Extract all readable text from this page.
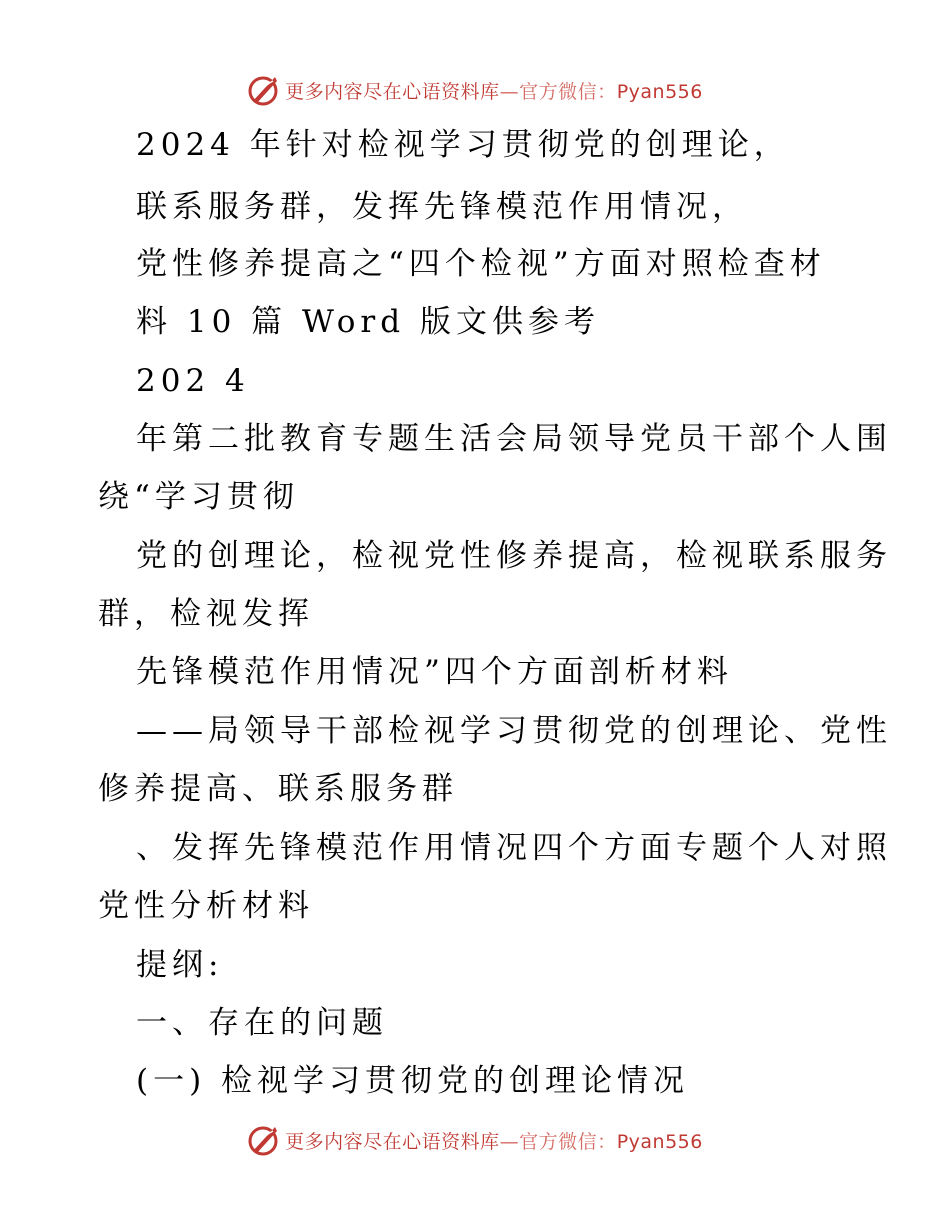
更多内容尽在心语资料库—官方微信：Pyan556
2024 年针对检视学习贯彻党的创理论，
联系服务群，发挥先锋模范作用情况，
党性修养提高之“四个检视”方面对照检查材
料 10 篇 Word 版文供参考
202 4
年第二批教育专题生活会局领导党员干部个人围
绕“学习贯彻
党的创理论，检视党性修养提高，检视联系服务
群，检视发挥
先锋模范作用情况”四个方面剖析材料
——局领导干部检视学习贯彻党的创理论、党性
修养提高、联系服务群
、发挥先锋模范作用情况四个方面专题个人对照
党性分析材料
提纲:
一、存在的问题
(一) 检视学习贯彻党的创理论情况
更多内容尽在心语资料库—官方微信：Pyan556
